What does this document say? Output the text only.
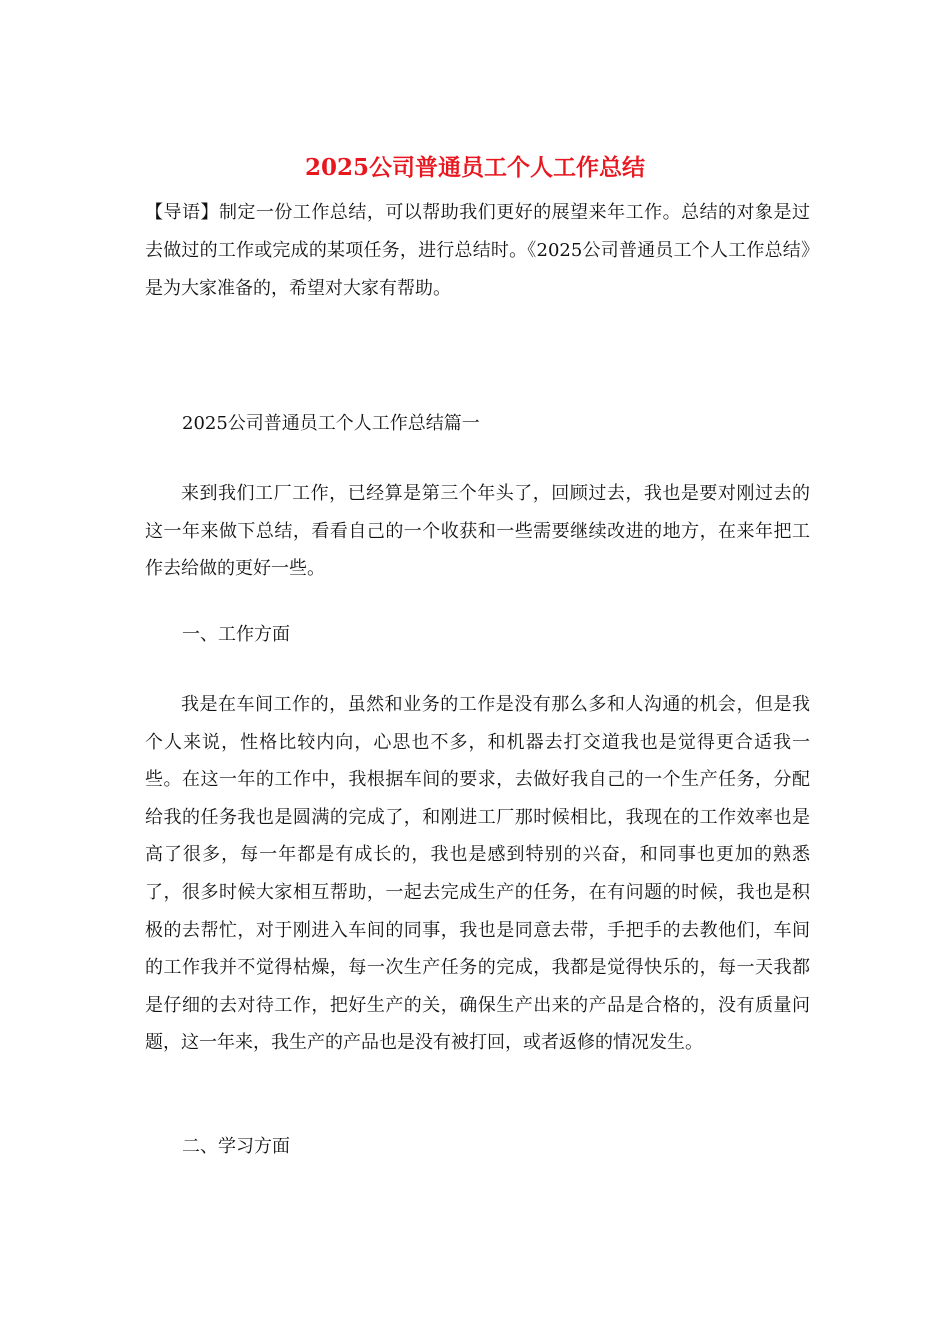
2025公司普通员工个人工作总结
【导语】制定一份工作总结，可以帮助我们更好的展望来年工作。总结的对象是过去做过的工作或完成的某项任务，进行总结时。《2025公司普通员工个人工作总结》是为大家准备的，希望对大家有帮助。
2025公司普通员工个人工作总结篇一
来到我们工厂工作，已经算是第三个年头了，回顾过去，我也是要对刚过去的这一年来做下总结，看看自己的一个收获和一些需要继续改进的地方，在来年把工作去给做的更好一些。
一、工作方面
我是在车间工作的，虽然和业务的工作是没有那么多和人沟通的机会，但是我个人来说，性格比较内向，心思也不多，和机器去打交道我也是觉得更合适我一些。在这一年的工作中，我根据车间的要求，去做好我自己的一个生产任务，分配给我的任务我也是圆满的完成了，和刚进工厂那时候相比，我现在的工作效率也是高了很多，每一年都是有成长的，我也是感到特别的兴奋，和同事也更加的熟悉了，很多时候大家相互帮助，一起去完成生产的任务，在有问题的时候，我也是积极的去帮忙，对于刚进入车间的同事，我也是同意去带，手把手的去教他们，车间的工作我并不觉得枯燥，每一次生产任务的完成，我都是觉得快乐的，每一天我都是仔细的去对待工作，把好生产的关，确保生产出来的产品是合格的，没有质量问题，这一年来，我生产的产品也是没有被打回，或者返修的情况发生。
二、学习方面
